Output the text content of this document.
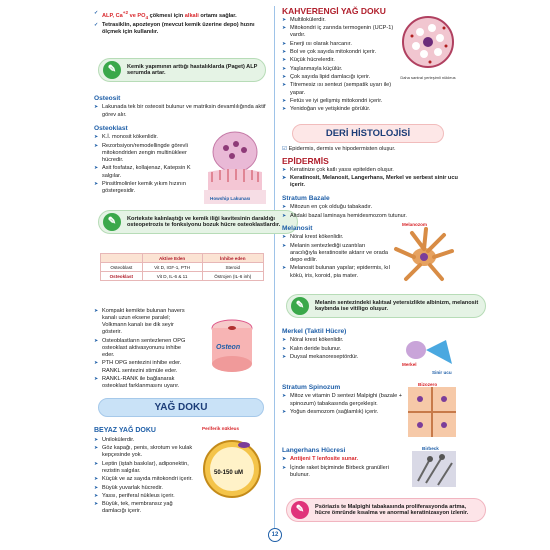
✓ ALP, $Ca^{+2}$ ve $PO_4$ çökmesi için alkali ortamı sağlar.
✓ Tetrasiklin, apozteyon (mevcut kemik üzerine depo) hızını ölçmek için kullanılır.
✎	Kemik yapımının arttığı hastalıklarda (Paget) ALP serumda artar.
Osteosit
➤ Lakunada tek bir osteosit bulunur ve matriksin devamlılığında aktif görev alır.
Osteoklast
➤ K.İ. monosit kökenlidir.
➤ Rezorbsiyon/remodellingde görevli mitokondriden zengin multinükleer hücredir.
➤ Asit fosfataz, kollajenaz, Katepsin K salgılar.
➤ Pinsitlmolinler kemik yıkım hızının göstergesidir.
Howship Lakunası
✎	Kortekste kalınlaştığı ve kemik iliği kavitesinin daraldığı osteopetrozis te fonksiyonu bozuk hücre osteoklastlardır.
	Aktive Eden	İnhibe eden
Osteoblast	Vit D, IGF-1, PTH	Steroid
Osteoklast	Vit D, IL-6 & 11	Östrojen (IL-6 inh)
➤ Kompakt kemikte bulunan havers kanalı uzun eksene paralel; Volkmann kanalı ise dik seyir gösterir.
➤ Osteoblastların sentezlenen OPG osteoklast aktivasyonunu inhibe eder.
➤ PTH OPG sentezini inhibe eder. RANKL sentezini stimüle eder.
➤ RANKL-RANK ile bağlanarak osteoklast farklanmasını uyarır.
Osteon
YAĞ DOKU
BEYAZ YAĞ DOKU
➤ Unilokülerdir.
➤ Göz kapağı, penis, skrotum ve kulak kepçesinde yok.
➤ Leptin (iştah baskılar), adiponektin, rezistin salgılar.
➤ Küçük ve az sayıda mitokondri içerir.
➤ Büyük yuvarlak hücredir.
➤ Yassı, periferal nükleus içerir.
➤ Büyük, tek, membransız yağ damlacığı içerir.
Periferik nükleus
50-150 uM
KAHVERENGİ YAĞ DOKU
➤ Multilokülerdir.
➤ Mitokondri iç zarında termogenin (UCP-1) vardır.
➤ Enerji ısı olarak harcanır.
➤ Bol ve çok sayıda mitokondri içerir.
➤ Küçük hücrelerdir.
➤ Yaşlanmayla küçülür.
➤ Çok sayıda lipid damlacığı içerir.
➤ Titremesiz ısı sentezi (sempatik uyarı ile) yapar.
➤ Fetüs ve iyi gelişmiş mitokondri içerir.
➤ Yenidoğan ve yetişkinde görülür.
Daha santral yerleşimli nükleus
DERİ HİSTOLOJİSİ
☑ Epidermis, dermis ve hipodermisten oluşur.
EPİDERMİS
➤ Keratinize çok katlı yassı epitelden oluşur.
➤ Keratinosit, Melanosit, Langerhans, Merkel ve serbest sinir ucu içerir.
Stratum Bazale
➤ Mitozun en çok olduğu tabakadır.
➤ Altdaki bazal laminaya hemidesmozom tutunur.
Melanosit
➤ Nöral krest kökenlidir.
➤ Melanin sentezlediği uzantıları aracılığıyla keratinosite aktarır ve orada depo edilir.
➤ Melanosit bulunan yapılar; epidermis, kıl kökü, iris, koroid, pia mater.
Melanozom
✎	Melanin sentezindeki kalıtsal yetersizlikte albinizm, melanosit kaybında ise vitiligo oluşur.
Merkel (Taktil Hücre)
➤ Nöral krest kökenlidir.
➤ Kalın deride bulunur.
➤ Duysal mekanoreseptördür.
Merkel
Sinir ucu
Stratum Spinozum
➤ Mitoz ve vitamin D sentezi Malpighi (bazale + spinozum) tabakasında gerçekleşir.
➤ Yoğun desmozom (sağlamlık) içerir.
Bizozero
Langerhans Hücresi
➤ Antijeni T lenfosite sunar.
➤ İçinde raket biçiminde Birbeck granülleri bulunur.
Birbeck
✎	Psöriazis te Malpighi tabakasında proliferasyonda artma, hücre ömründe kısalma ve anormal keratinizasyon izlenir.
12
